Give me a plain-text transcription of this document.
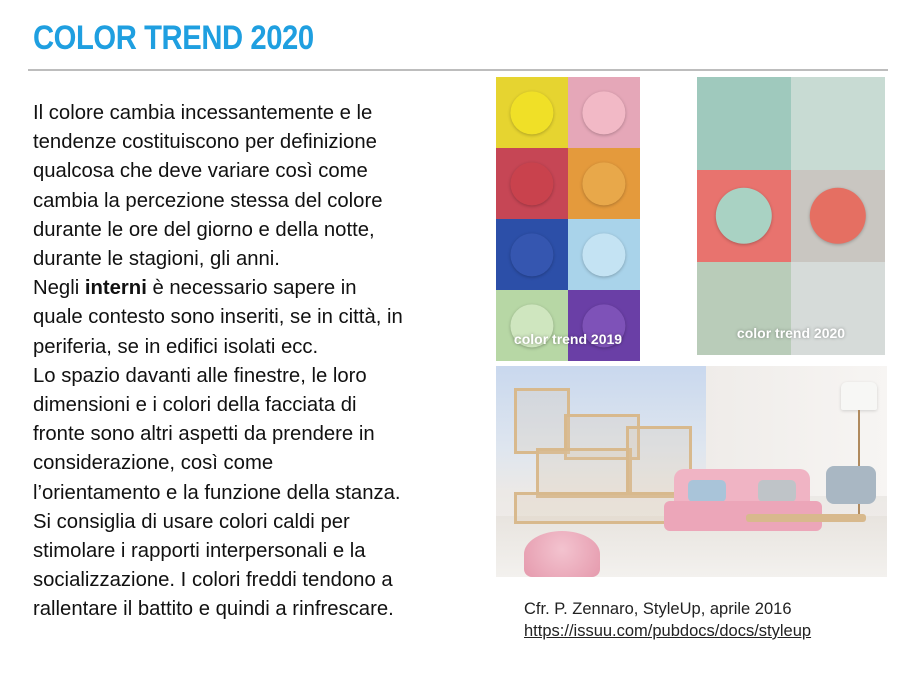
COLOR TREND 2020

Il colore cambia incessantemente e le
tendenze costituiscono per definizione
qualcosa che deve variare così come
cambia la percezione stessa del colore
durante le ore del giorno e della notte,
durante le stagioni, gli anni.

Negli interni è necessario sapere in
quale contesto sono inseriti, se in città, in
periferia, se in edifici isolati ecc.

Lo spazio davanti alle finestre, le loro
dimensioni e i colori della facciata di
fronte sono altri aspetti da prendere in
considerazione, così come
l’orientamento e la funzione della stanza.

Si consiglia di usare colori caldi per
stimolare i rapporti interpersonali e la
socializzazione. I colori freddi tendono a
rallentare il battito e quindi a rinfrescare.

color trend 2019	color trend 2020
Cfr. P. Zennaro, StyleUp, aprile 2016
https://issuu.com/pubdocs/docs/styleup
